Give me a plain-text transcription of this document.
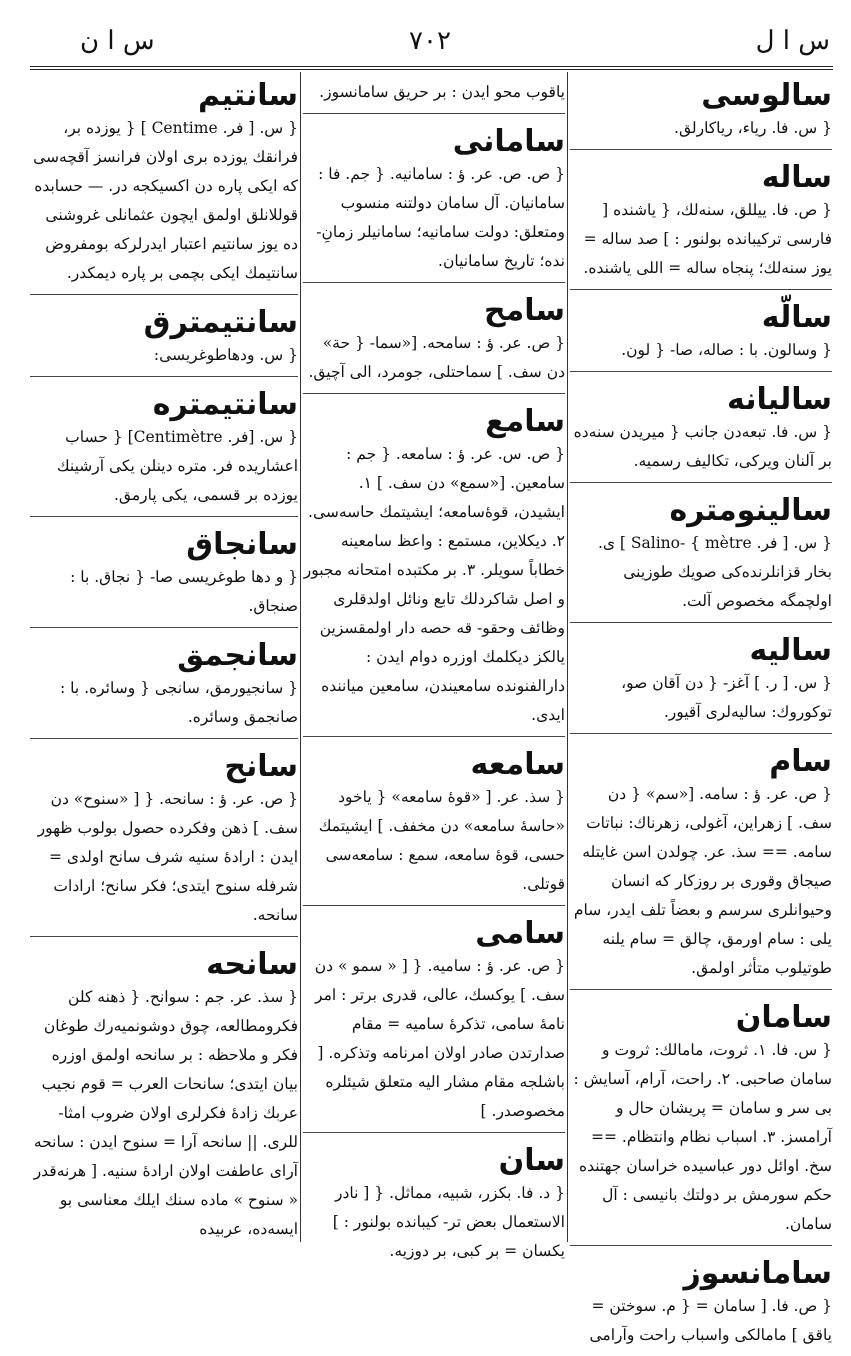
س ا ل
٧٠٢
س ا ن
سالوسی
{ س. فا. ریاء، ریاکارلق.
ساله
{ ص. فا. ییللق، سنه‌لك، { یاشنده [ فارسی ترکیبانده بولنور : ] صد ساله = یوز سنه‌لك؛ پنجاه ساله = اللی یاشنده.
سالّه
{ وسالون. با : صاله، صا- { لون.
سالیانه
{ س. فا. تبعه‌دن جانب { میریدن سنه‌ده بر آلنان ویرکی، تکالیف رسمیه.
سالینومتره
{ س. [ فر. Salino- { mètre ] ی. بخار قزانلرنده‌کی صویك طوزینی اولچمگه مخصوص آلت.
سالیه
{ س. [ ر. ] آغز- { دن آقان صو، توکوروك: سالیه‌لری آقیور.
سام
{ ص. عر. ؤ : سامه. [«سم» { دن سف. ] زهراین، آغولی، زهرناك: نباتات سامه. == سذ. عر. چولدن اسن غایتله صیجاق وقوری بر روزکار که انسان وحیوانلری سرسم و بعضاً تلف ایدر، سام یلی : سام اورمق، چالق = سام یلنه طوتیلوب متأثر اولمق.
سامان
{ س. فا. ١. ثروت، مامالك: ثروت و سامان صاحبی. ٢. راحت، آرام، آسایش : بی سر و سامان = پریشان حال و آرامسز. ٣. اسباب نظام وانتظام. == سخ. اوائل دور عباسیده خراسان جهتنده حکم سورمش بر دولتك بانیسی : آل سامان.
سامانسوز
{ ص. فا. [ سامان = { م. سوختن = یاقق ] مامالکی واسباب راحت وآرامی
یاقوب محو ایدن : بر حریق سامانسوز.
سامانی
{ ص. ص. عر. ؤ : سامانیه. { جم. فا : سامانیان. آل سامان دولتنه منسوب ومتعلق: دولت سامانیه؛ سامانیلر زمانِ- نده؛ تاریخ سامانیان.
سامح
{ ص. عر. ؤ : سامحه. [«سما- { حة» دن سف. ] سماحتلی، جومرد، الی آچیق.
سامع
{ ص. س. عر. ؤ : سامعه. { جم : سامعین. [«سمع» دن سف. ] ١. ایشیدن، قوهٔ‌سامعه؛ ایشیتمك حاسه‌سی. ٢. دیکلاین، مستمع : واعظ سامعینه خطاباً سویلر. ٣. بر مکتبده امتحانه مجبور و اصل شاکردلك تابع ونائل اولدقلری وظائف وحقو- قه حصه دار اولمقسزین یالکز دیکلمك اوزره دوام ایدن : دارالفنونده سامعیندن، سامعین میاننده ایدی.
سامعه
{ سذ. عر. [ «قوهٔ سامعه» { یاخود «حاسهٔ سامعه» دن مخفف. ] ایشیتمك حسی، قوهٔ سامعه، سمع : سامعه‌سی قوتلی.
سامی
{ ص. عر. ؤ : سامیه. { [ « سمو » دن سف. ] یوکسك، عالی، قدری برتر : امر نامهٔ سامی، تذکرهٔ سامیه = مقام صدارتدن صادر اولان امرنامه وتذکره. [ باشلجه مقام مشار الیه متعلق شیئلره مخصوصدر. ]
سان
{ د. فا. بکزر، شبیه، مماثل. { [ نادر الاستعمال بعض تر- کیبانده بولنور : ] یکسان = بر کبی، بر دوزیه.
سانتیم
{ س. [ فر. Centime ] { یوزده بر، فرانقك یوزده بری اولان فرانسز آقچه‌سی که ایکی پاره دن اکسیکجه در. — حسابده قوللانلق اولمق ایچون عثمانلی غروشنی ده یوز سانتیم اعتبار ایدرلرکه بومفروض سانتیمك ایکی بچمی بر پاره دیمکدر.
سانتیمترق
{ س. ودهاطوغریسی:
سانتیمتره
{ س. [فر. Centimètre] { حساب اعشاریده فر. متره دینلن یکی آرشینك یوزده بر قسمی، یکی پارمق.
سانجاق
{ و دها طوغریسی صا- { نجاق. با : صنجاق.
سانجمق
{ سانجیورمق، سانجی { وسائره. با : صانجمق وسائره.
سانح
{ ص. عر. ؤ : سانحه. { [ «سنوح» دن سف. ] ذهن وفکرده حصول بولوب ظهور ایدن : ارادهٔ سنیه شرف سانح اولدی = شرفله سنوح ایتدی؛ فکر سانح؛ ارادات سانحه.
سانحه
{ سذ. عر. جم : سوانح. { ذهنه کلن فکرومطالعه، چوق دوشونمیه‌رك طوغان فکر و ملاحظه : بر سانحه اولمق اوزره بیان ایتدی؛ سانحات العرب = قوم نجیب عربك زادهٔ فکرلری اولان ضروب امثا- للری. || سانحه آرا = سنوح ایدن : سانحه آرای عاطفت اولان ارادهٔ سنیه. [ هرنه‌قدر « سنوح » ماده سنك ایلك معناسی بو ایسه‌ده، عربیده
